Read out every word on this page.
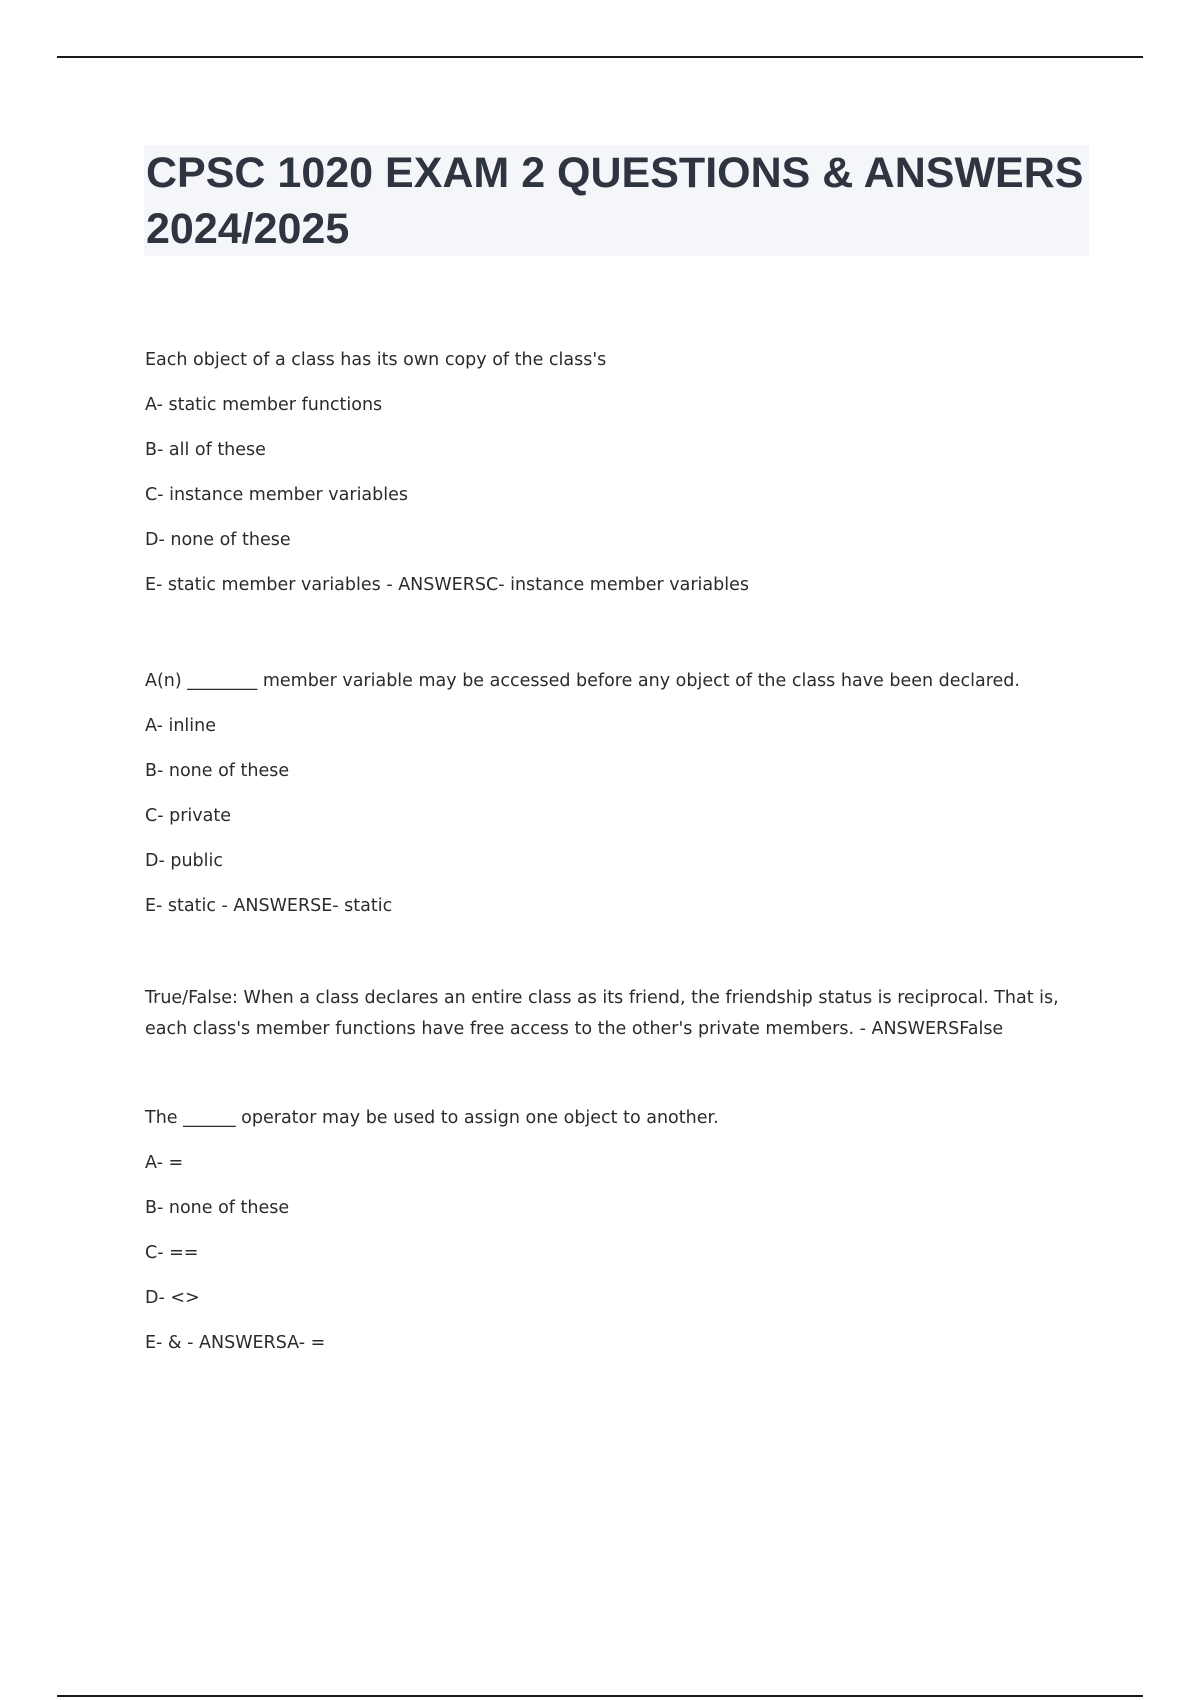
CPSC 1020 EXAM 2 QUESTIONS & ANSWERS 2024/2025

Each object of a class has its own copy of the class's

A- static member functions

B- all of these

C- instance member variables

D- none of these

E- static member variables - ANSWERSC- instance member variables

A(n) ________ member variable may be accessed before any object of the class have been declared.

A- inline

B- none of these

C- private

D- public

E- static - ANSWERSE- static

True/False: When a class declares an entire class as its friend, the friendship status is reciprocal. That is, each class's member functions have free access to the other's private members. - ANSWERSFalse

The ______ operator may be used to assign one object to another.

A- =

B- none of these

C- ==

D- <>

E- & - ANSWERSA- =
